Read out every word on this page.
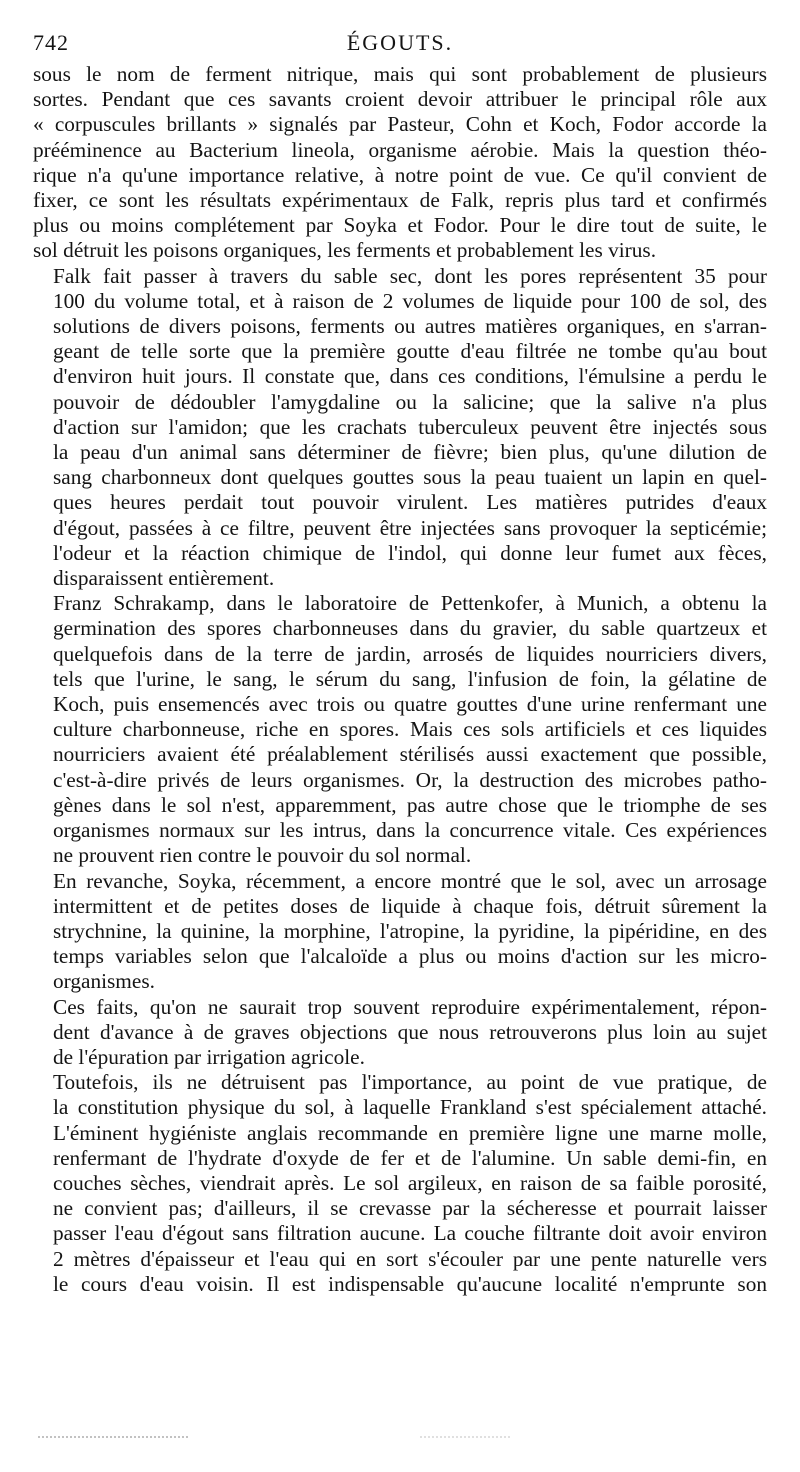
742	ÉGOUTS.

sous le nom de ferment nitrique, mais qui sont probablement de plusieurs
sortes. Pendant que ces savants croient devoir attribuer le principal rôle aux
« corpuscules brillants » signalés par Pasteur, Cohn et Koch, Fodor accorde la
prééminence au Bacterium lineola, organisme aérobie. Mais la question théo-
rique n'a qu'une importance relative, à notre point de vue. Ce qu'il convient de
fixer, ce sont les résultats expérimentaux de Falk, repris plus tard et confirmés
plus ou moins complétement par Soyka et Fodor. Pour le dire tout de suite, le
sol détruit les poisons organiques, les ferments et probablement les virus.

Falk fait passer à travers du sable sec, dont les pores représentent 35 pour
100 du volume total, et à raison de 2 volumes de liquide pour 100 de sol, des
solutions de divers poisons, ferments ou autres matières organiques, en s'arran-
geant de telle sorte que la première goutte d'eau filtrée ne tombe qu'au bout
d'environ huit jours. Il constate que, dans ces conditions, l'émulsine a perdu le
pouvoir de dédoubler l'amygdaline ou la salicine; que la salive n'a plus
d'action sur l'amidon; que les crachats tuberculeux peuvent être injectés sous
la peau d'un animal sans déterminer de fièvre; bien plus, qu'une dilution de
sang charbonneux dont quelques gouttes sous la peau tuaient un lapin en quel-
ques heures perdait tout pouvoir virulent. Les matières putrides d'eaux
d'égout, passées à ce filtre, peuvent être injectées sans provoquer la septicémie;
l'odeur et la réaction chimique de l'indol, qui donne leur fumet aux fèces,
disparaissent entièrement.

Franz Schrakamp, dans le laboratoire de Pettenkofer, à Munich, a obtenu la
germination des spores charbonneuses dans du gravier, du sable quartzeux et
quelquefois dans de la terre de jardin, arrosés de liquides nourriciers divers,
tels que l'urine, le sang, le sérum du sang, l'infusion de foin, la gélatine de
Koch, puis ensemencés avec trois ou quatre gouttes d'une urine renfermant une
culture charbonneuse, riche en spores. Mais ces sols artificiels et ces liquides
nourriciers avaient été préalablement stérilisés aussi exactement que possible,
c'est-à-dire privés de leurs organismes. Or, la destruction des microbes patho-
gènes dans le sol n'est, apparemment, pas autre chose que le triomphe de ses
organismes normaux sur les intrus, dans la concurrence vitale. Ces expériences
ne prouvent rien contre le pouvoir du sol normal.

En revanche, Soyka, récemment, a encore montré que le sol, avec un arrosage
intermittent et de petites doses de liquide à chaque fois, détruit sûrement la
strychnine, la quinine, la morphine, l'atropine, la pyridine, la pipéridine, en des
temps variables selon que l'alcaloïde a plus ou moins d'action sur les micro-
organismes.

Ces faits, qu'on ne saurait trop souvent reproduire expérimentalement, répon-
dent d'avance à de graves objections que nous retrouverons plus loin au sujet
de l'épuration par irrigation agricole.

Toutefois, ils ne détruisent pas l'importance, au point de vue pratique, de
la constitution physique du sol, à laquelle Frankland s'est spécialement attaché.
L'éminent hygiéniste anglais recommande en première ligne une marne molle,
renfermant de l'hydrate d'oxyde de fer et de l'alumine. Un sable demi-fin, en
couches sèches, viendrait après. Le sol argileux, en raison de sa faible porosité,
ne convient pas; d'ailleurs, il se crevasse par la sécheresse et pourrait laisser
passer l'eau d'égout sans filtration aucune. La couche filtrante doit avoir environ
2 mètres d'épaisseur et l'eau qui en sort s'écouler par une pente naturelle vers
le cours d'eau voisin. Il est indispensable qu'aucune localité n'emprunte son
